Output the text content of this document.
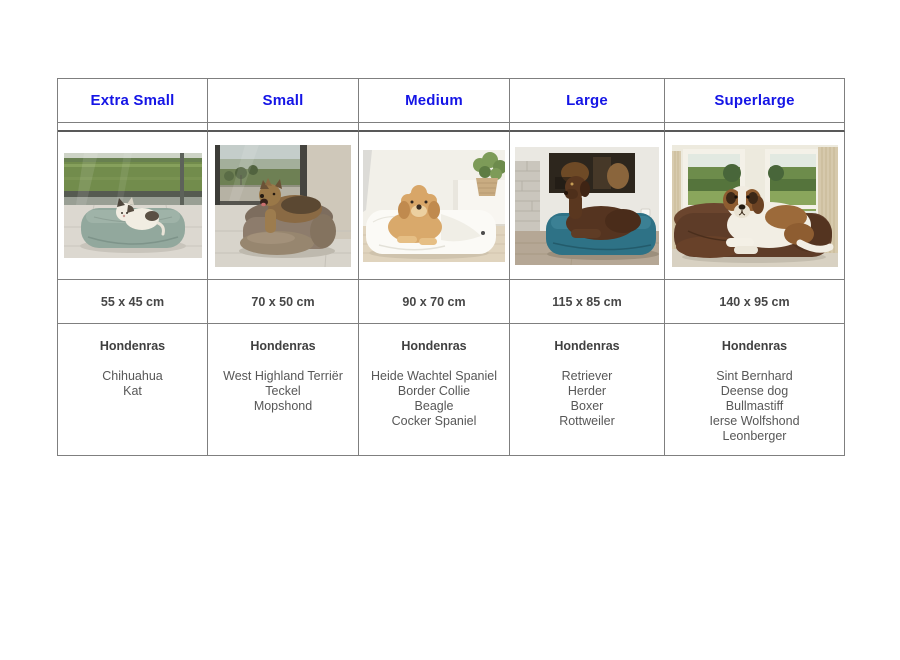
Extra Small	Small	Medium	Large	Superlarge
55 x 45 cm	70 x 50 cm	90 x 70 cm	115 x 85 cm	140 x 95 cm
Hondenras
Chihuahua
Kat
Hondenras
West Highland Terriër
Teckel
Mopshond
Hondenras
Heide Wachtel Spaniel
Border Collie
Beagle
Cocker Spaniel
Hondenras
Retriever
Herder
Boxer
Rottweiler
Hondenras
Sint Bernhard
Deense dog
Bullmastiff
Ierse Wolfshond
Leonberger
